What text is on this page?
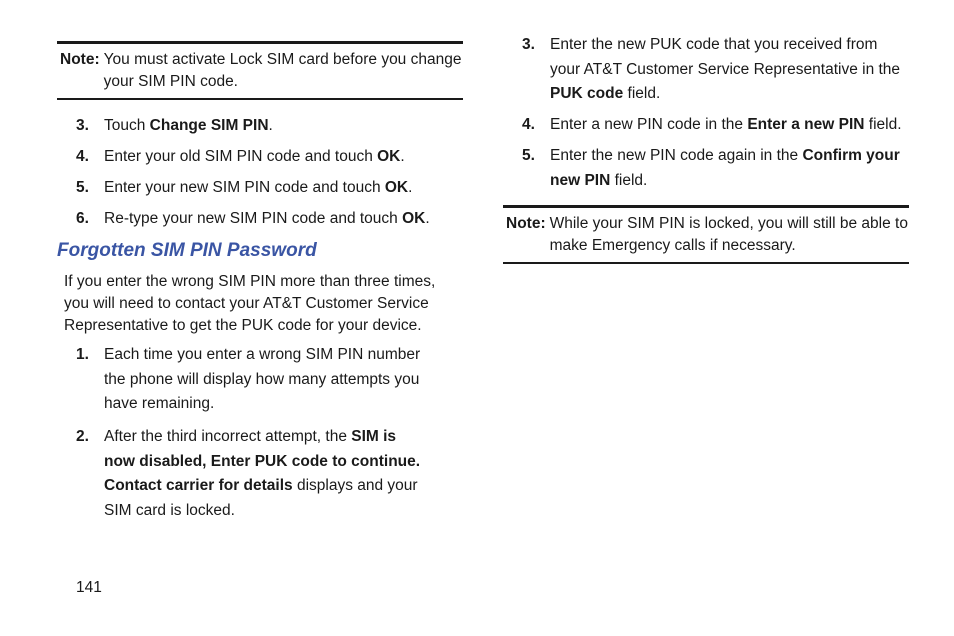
Note: You must activate Lock SIM card before you change your SIM PIN code.
3. Touch Change SIM PIN.
4. Enter your old SIM PIN code and touch OK.
5. Enter your new SIM PIN code and touch OK.
6. Re-type your new SIM PIN code and touch OK.
Forgotten SIM PIN Password
If you enter the wrong SIM PIN more than three times, you will need to contact your AT&T Customer Service Representative to get the PUK code for your device.
1. Each time you enter a wrong SIM PIN number the phone will display how many attempts you have remaining.
2. After the third incorrect attempt, the SIM is now disabled, Enter PUK code to continue. Contact carrier for details displays and your SIM card is locked.
3. Enter the new PUK code that you received from your AT&T Customer Service Representative in the PUK code field.
4. Enter a new PIN code in the Enter a new PIN field.
5. Enter the new PIN code again in the Confirm your new PIN field.
Note: While your SIM PIN is locked, you will still be able to make Emergency calls if necessary.
141
